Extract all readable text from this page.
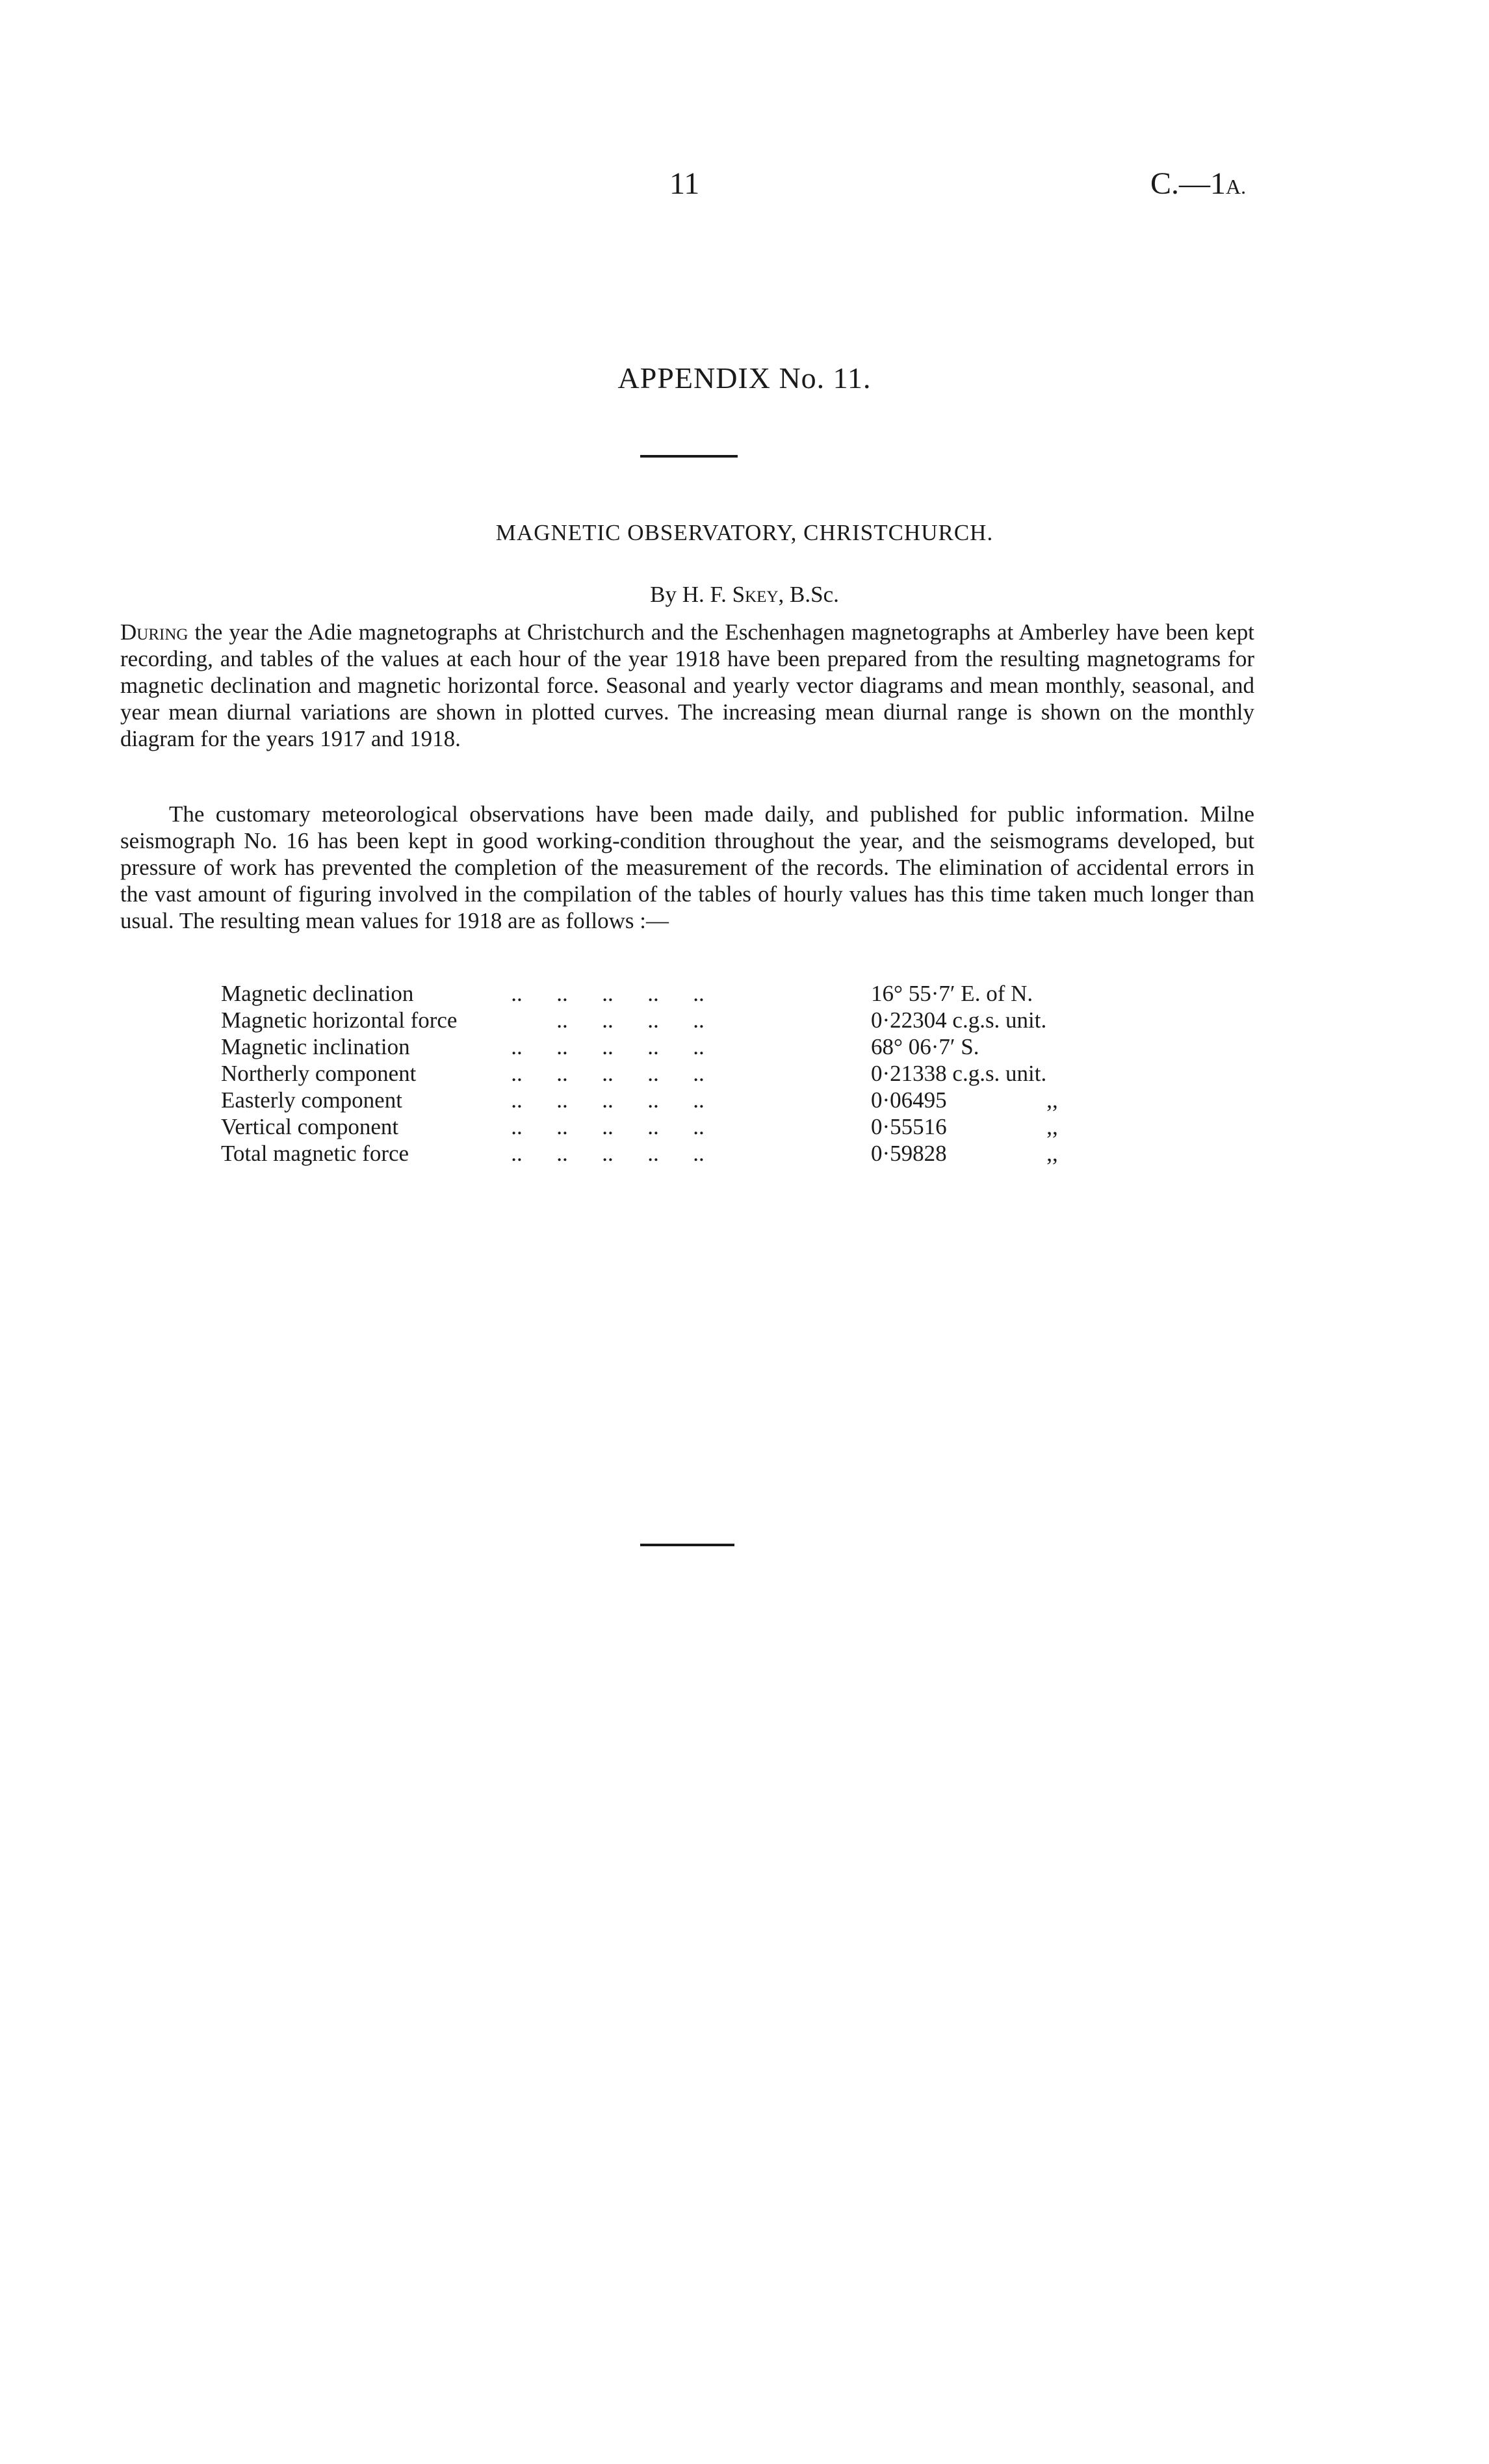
11	C.—1A.
APPENDIX No. 11.
MAGNETIC OBSERVATORY, CHRISTCHURCH.
By H. F. Skey, B.Sc.

During the year the Adie magnetographs at Christchurch and the Eschenhagen magnetographs at Amberley have been kept recording, and tables of the values at each hour of the year 1918 have been prepared from the resulting magnetograms for magnetic declination and magnetic horizontal force. Seasonal and yearly vector diagrams and mean monthly, seasonal, and year mean diurnal variations are shown in plotted curves. The increasing mean diurnal range is shown on the monthly diagram for the years 1917 and 1918.

The customary meteorological observations have been made daily, and published for public information. Milne seismograph No. 16 has been kept in good working-condition throughout the year, and the seismograms developed, but pressure of work has prevented the completion of the measurement of the records. The elimination of accidental errors in the vast amount of figuring involved in the compilation of the tables of hourly values has this time taken much longer than usual. The resulting mean values for 1918 are as follows :—

Magnetic declination ..      ..      ..      ..      ..	16° 55·7′ E. of N.	
Magnetic horizontal force ..      ..      ..      ..	0·22304 c.g.s. unit.	
Magnetic inclination ..      ..      ..      ..      ..	68° 06·7′ S.	
Northerly component ..      ..      ..      ..      ..	0·21338 c.g.s. unit.	
Easterly component ..      ..      ..      ..      ..	0·06495	,,
Vertical component ..      ..      ..      ..      ..	0·55516	,,
Total magnetic force ..      ..      ..      ..      ..	0·59828	,,
